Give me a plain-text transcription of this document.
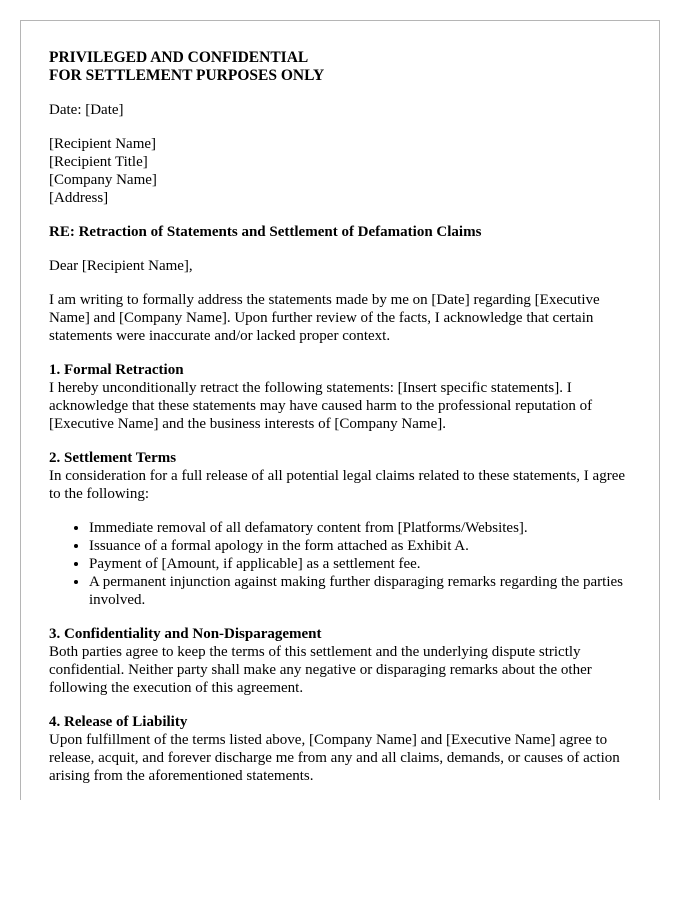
PRIVILEGED AND CONFIDENTIAL
FOR SETTLEMENT PURPOSES ONLY

Date: [Date]

[Recipient Name]
[Recipient Title]
[Company Name]
[Address]

RE: Retraction of Statements and Settlement of Defamation Claims

Dear [Recipient Name],

I am writing to formally address the statements made by me on [Date] regarding [Executive Name] and [Company Name]. Upon further review of the facts, I acknowledge that certain statements were inaccurate and/or lacked proper context.

1. Formal Retraction

I hereby unconditionally retract the following statements: [Insert specific statements]. I acknowledge that these statements may have caused harm to the professional reputation of [Executive Name] and the business interests of [Company Name].

2. Settlement Terms

In consideration for a full release of all potential legal claims related to these statements, I agree to the following:

• Immediate removal of all defamatory content from [Platforms/Websites].
• Issuance of a formal apology in the form attached as Exhibit A.
• Payment of [Amount, if applicable] as a settlement fee.
• A permanent injunction against making further disparaging remarks regarding the parties involved.
3. Confidentiality and Non-Disparagement

Both parties agree to keep the terms of this settlement and the underlying dispute strictly confidential. Neither party shall make any negative or disparaging remarks about the other following the execution of this agreement.

4. Release of Liability

Upon fulfillment of the terms listed above, [Company Name] and [Executive Name] agree to release, acquit, and forever discharge me from any and all claims, demands, or causes of action arising from the aforementioned statements.
